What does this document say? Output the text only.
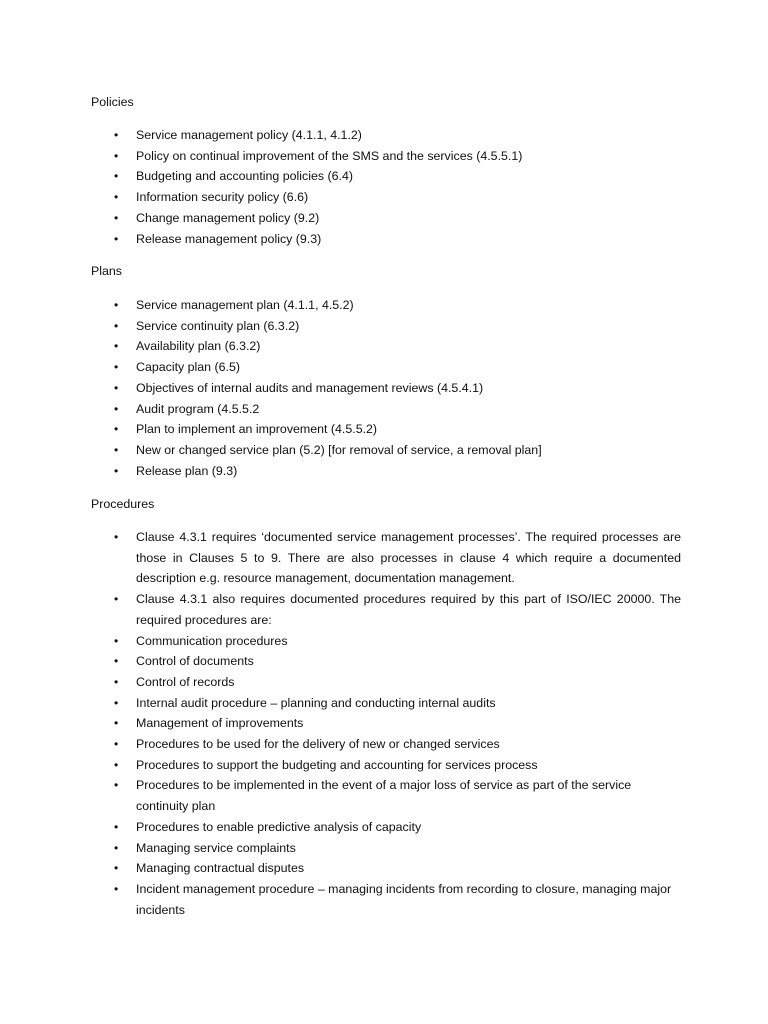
Policies
• Service management policy (4.1.1, 4.1.2)
• Policy on continual improvement of the SMS and the services (4.5.5.1)
• Budgeting and accounting policies (6.4)
• Information security policy (6.6)
• Change management policy (9.2)
• Release management policy (9.3)
Plans
• Service management plan (4.1.1, 4.5.2)
• Service continuity plan (6.3.2)
• Availability plan (6.3.2)
• Capacity plan (6.5)
• Objectives of internal audits and management reviews (4.5.4.1)
• Audit program (4.5.5.2
• Plan to implement an improvement (4.5.5.2)
• New or changed service plan (5.2) [for removal of service, a removal plan]
• Release plan (9.3)
Procedures
• Clause 4.3.1 requires ‘documented service management processes’. The required processes are those in Clauses 5 to 9. There are also processes in clause 4 which require a documented description e.g. resource management, documentation management.
• Clause 4.3.1 also requires documented procedures required by this part of ISO/IEC 20000. The required procedures are:
• Communication procedures
• Control of documents
• Control of records
• Internal audit procedure – planning and conducting internal audits
• Management of improvements
• Procedures to be used for the delivery of new or changed services
• Procedures to support the budgeting and accounting for services process
• Procedures to be implemented in the event of a major loss of service as part of the service continuity plan
• Procedures to enable predictive analysis of capacity
• Managing service complaints
• Managing contractual disputes
• Incident management procedure – managing incidents from recording to closure, managing major incidents
